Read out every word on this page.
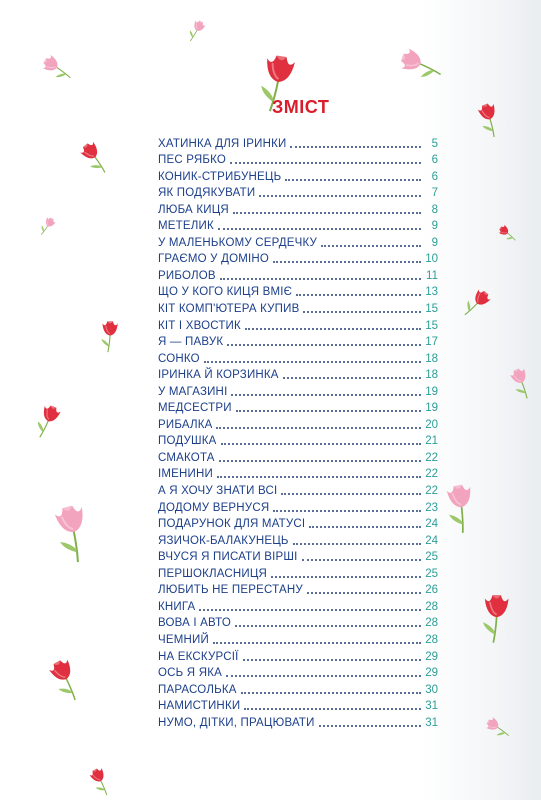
ЗМІСТ
ХАТИНКА ДЛЯ ІРИНКИ	5
ПЕС РЯБКО	6
КОНИК-СТРИБУНЕЦЬ	6
ЯК ПОДЯКУВАТИ	7
ЛЮБА КИЦЯ	8
МЕТЕЛИК	9
У МАЛЕНЬКОМУ СЕРДЕЧКУ	9
ГРАЄМО У ДОМІНО	10
РИБОЛОВ	11
ЩО У КОГО КИЦЯ ВМІЄ	13
КІТ КОМП'ЮТЕРА КУПИВ	15
КІТ І ХВОСТИК	15
Я — ПАВУК	17
СОНКО	18
ІРИНКА Й КОРЗИНКА	18
У МАГАЗИНІ	19
МЕДСЕСТРИ	19
РИБАЛКА	20
ПОДУШКА	21
СМАКОТА	22
ІМЕНИНИ	22
А Я ХОЧУ ЗНАТИ ВСІ	22
ДОДОМУ ВЕРНУСЯ	23
ПОДАРУНОК ДЛЯ МАТУСІ	24
ЯЗИЧОК-БАЛАКУНЕЦЬ	24
ВЧУСЯ Я ПИСАТИ ВІРШІ	25
ПЕРШОКЛАСНИЦЯ	25
ЛЮБИТЬ НЕ ПЕРЕСТАНУ	26
КНИГА	28
ВОВА І АВТО	28
ЧЕМНИЙ	28
НА ЕКСКУРСІЇ	29
ОСЬ Я ЯКА	29
ПАРАСОЛЬКА	30
НАМИСТИНКИ	31
НУМО, ДІТКИ, ПРАЦЮВАТИ	31
